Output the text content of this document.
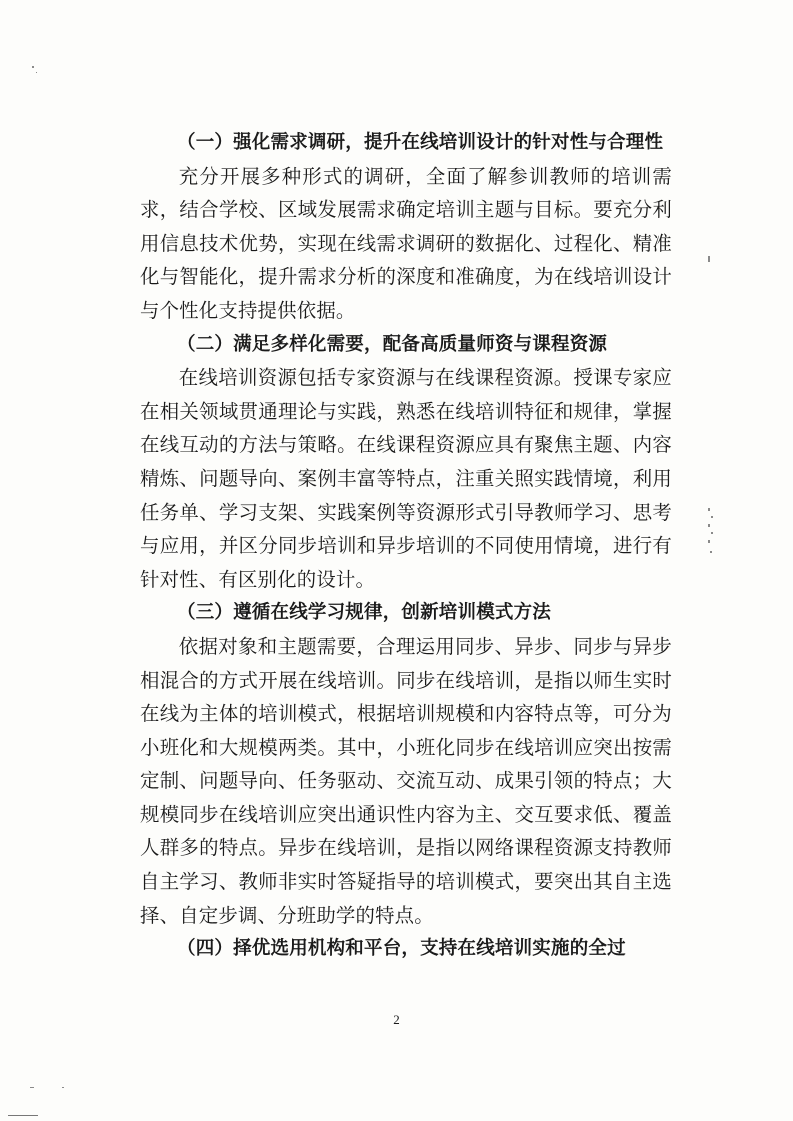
（一）强化需求调研，提升在线培训设计的针对性与合理性

充分开展多种形式的调研，全面了解参训教师的培训需求，结合学校、区域发展需求确定培训主题与目标。要充分利用信息技术优势，实现在线需求调研的数据化、过程化、精准化与智能化，提升需求分析的深度和准确度，为在线培训设计与个性化支持提供依据。

（二）满足多样化需要，配备高质量师资与课程资源

在线培训资源包括专家资源与在线课程资源。授课专家应在相关领域贯通理论与实践，熟悉在线培训特征和规律，掌握在线互动的方法与策略。在线课程资源应具有聚焦主题、内容精炼、问题导向、案例丰富等特点，注重关照实践情境，利用任务单、学习支架、实践案例等资源形式引导教师学习、思考与应用，并区分同步培训和异步培训的不同使用情境，进行有针对性、有区别化的设计。

（三）遵循在线学习规律，创新培训模式方法

依据对象和主题需要，合理运用同步、异步、同步与异步相混合的方式开展在线培训。同步在线培训，是指以师生实时在线为主体的培训模式，根据培训规模和内容特点等，可分为小班化和大规模两类。其中，小班化同步在线培训应突出按需定制、问题导向、任务驱动、交流互动、成果引领的特点；大规模同步在线培训应突出通识性内容为主、交互要求低、覆盖人群多的特点。异步在线培训，是指以网络课程资源支持教师自主学习、教师非实时答疑指导的培训模式，要突出其自主选择、自定步调、分班助学的特点。

（四）择优选用机构和平台，支持在线培训实施的全过

2
